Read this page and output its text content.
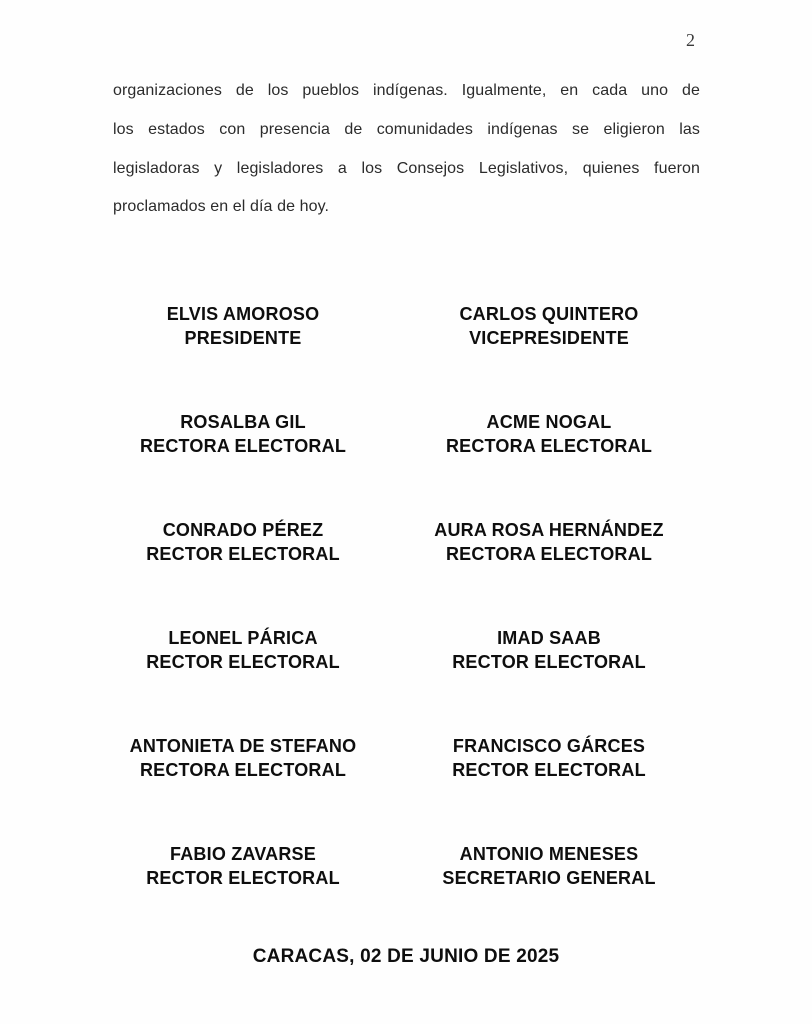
2
organizaciones de los pueblos indígenas. Igualmente, en cada uno de
los estados con presencia de comunidades indígenas se eligieron las
legisladoras y legisladores a los Consejos Legislativos, quienes fueron
proclamados en el día de hoy.
ELVIS AMOROSO
PRESIDENTE
CARLOS QUINTERO
VICEPRESIDENTE
ROSALBA GIL
RECTORA ELECTORAL
ACME NOGAL
RECTORA ELECTORAL
CONRADO PÉREZ
RECTOR ELECTORAL
AURA ROSA HERNÁNDEZ
RECTORA ELECTORAL
LEONEL PÁRICA
RECTOR ELECTORAL
IMAD SAAB
RECTOR ELECTORAL
ANTONIETA DE STEFANO
RECTORA ELECTORAL
FRANCISCO GÁRCES
RECTOR ELECTORAL
FABIO ZAVARSE
RECTOR ELECTORAL
ANTONIO MENESES
SECRETARIO GENERAL
CARACAS, 02 DE JUNIO DE 2025
